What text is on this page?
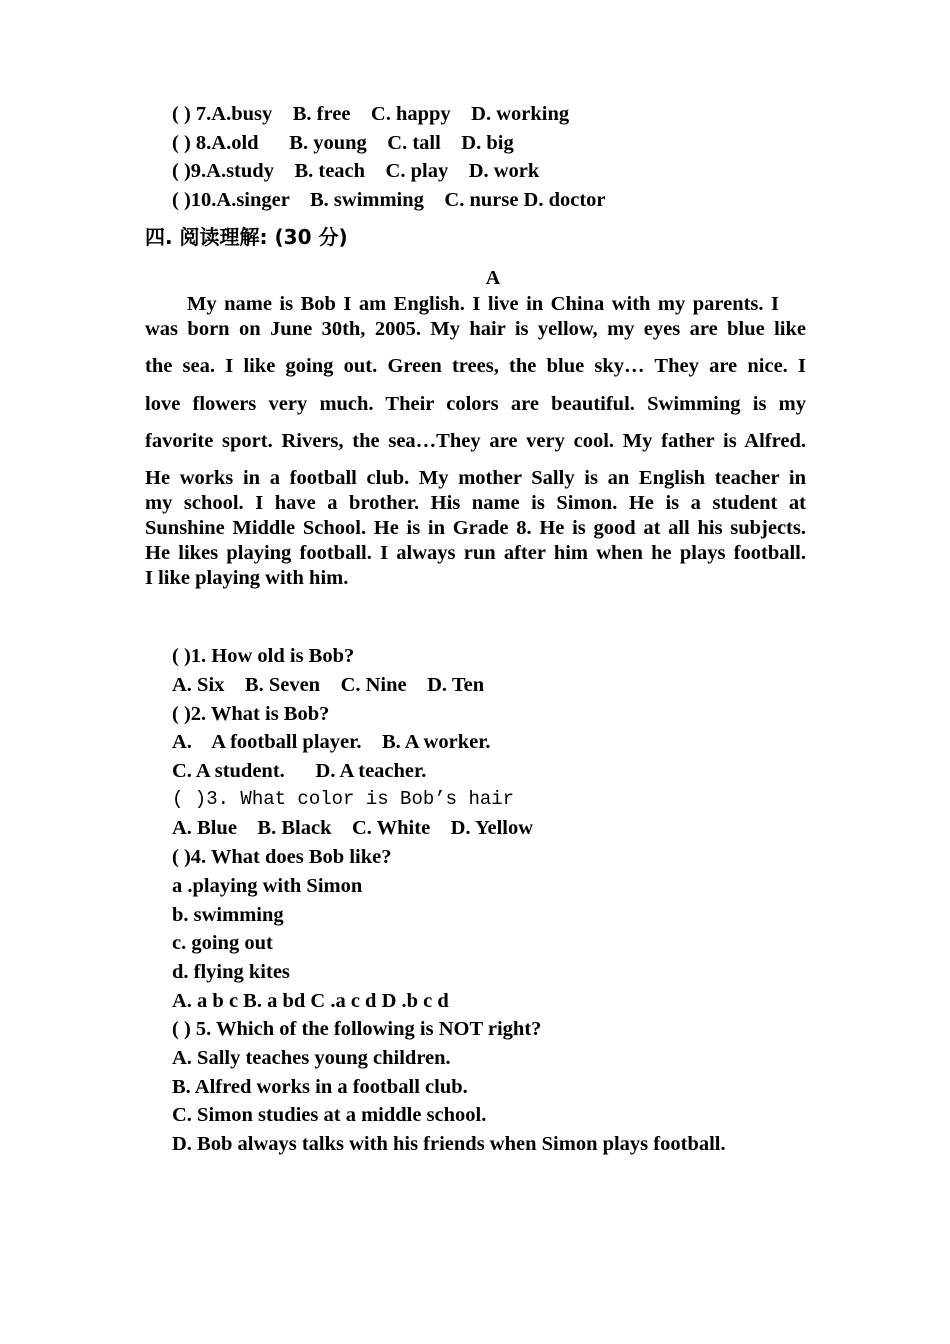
( ) 7.A.busy    B. free    C. happy    D. working

( ) 8.A.old      B. young    C. tall    D. big

( )9.A.study    B. teach    C. play    D. work

( )10.A.singer    B. swimming    C. nurse D. doctor

四. 阅读理解: (30 分)

A

My name is Bob I am English. I live in China with my parents. I

was born on June 30th, 2005. My hair is yellow, my eyes are blue like

the sea. I like going out. Green trees, the blue sky… They are nice. I

love flowers very much. Their colors are beautiful. Swimming is my

favorite sport. Rivers, the sea…They are very cool. My father is Alfred.

He works in a football club. My mother Sally is an English teacher in

my school. I have a brother. His name is Simon. He is a student at

Sunshine Middle School. He is in Grade 8. He is good at all his subjects.

He likes playing football. I always run after him when he plays football.

I like playing with him.

( )1. How old is Bob?

A. Six    B. Seven    C. Nine    D. Ten

( )2. What is Bob?

A.    A football player.    B. A worker.

C. A student.      D. A teacher.

( )3. What color is Bob’s hair

A. Blue    B. Black    C. White    D. Yellow

( )4. What does Bob like?

a .playing with Simon

b. swimming

c. going out

d. flying kites

A. a b c B. a bd C .a c d D .b c d

( ) 5. Which of the following is NOT right?

A. Sally teaches young children.

B. Alfred works in a football club.

C. Simon studies at a middle school.

D. Bob always talks with his friends when Simon plays football.
